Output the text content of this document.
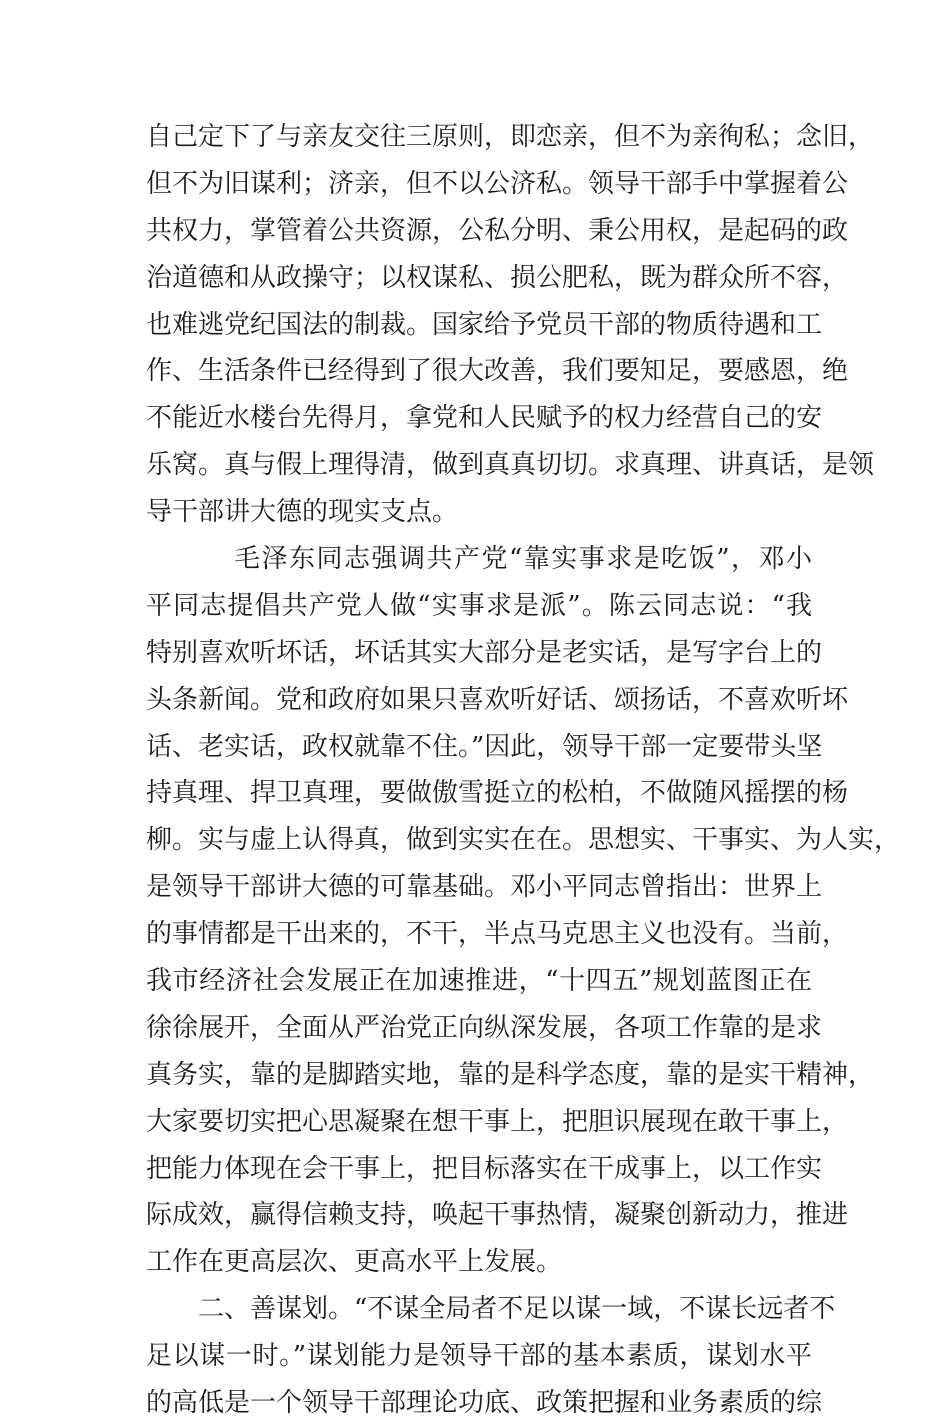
自己定下了与亲友交往三原则，即恋亲，但不为亲徇私；念旧，
但不为旧谋利；济亲，但不以公济私。领导干部手中掌握着公
共权力，掌管着公共资源，公私分明、秉公用权，是起码的政
治道德和从政操守；以权谋私、损公肥私，既为群众所不容，
也难逃党纪国法的制裁。国家给予党员干部的物质待遇和工
作、生活条件已经得到了很大改善，我们要知足，要感恩，绝
不能近水楼台先得月，拿党和人民赋予的权力经营自己的安
乐窝。真与假上理得清，做到真真切切。求真理、讲真话，是领
导干部讲大德的现实支点。
毛泽东同志强调共产党“靠实事求是吃饭”，邓小
平同志提倡共产党人做“实事求是派”。陈云同志说：“我
特别喜欢听坏话，坏话其实大部分是老实话，是写字台上的
头条新闻。党和政府如果只喜欢听好话、颂扬话，不喜欢听坏
话、老实话，政权就靠不住。”因此，领导干部一定要带头坚
持真理、捍卫真理，要做傲雪挺立的松柏，不做随风摇摆的杨
柳。实与虚上认得真，做到实实在在。思想实、干事实、为人实，
是领导干部讲大德的可靠基础。邓小平同志曾指出：世界上
的事情都是干出来的，不干，半点马克思主义也没有。当前，
我市经济社会发展正在加速推进，“十四五”规划蓝图正在
徐徐展开，全面从严治党正向纵深发展，各项工作靠的是求
真务实，靠的是脚踏实地，靠的是科学态度，靠的是实干精神，
大家要切实把心思凝聚在想干事上，把胆识展现在敢干事上，
把能力体现在会干事上，把目标落实在干成事上，以工作实
际成效，赢得信赖支持，唤起干事热情，凝聚创新动力，推进
工作在更高层次、更高水平上发展。
二、善谋划。“不谋全局者不足以谋一域，不谋长远者不
足以谋一时。”谋划能力是领导干部的基本素质，谋划水平
的高低是一个领导干部理论功底、政策把握和业务素质的综
